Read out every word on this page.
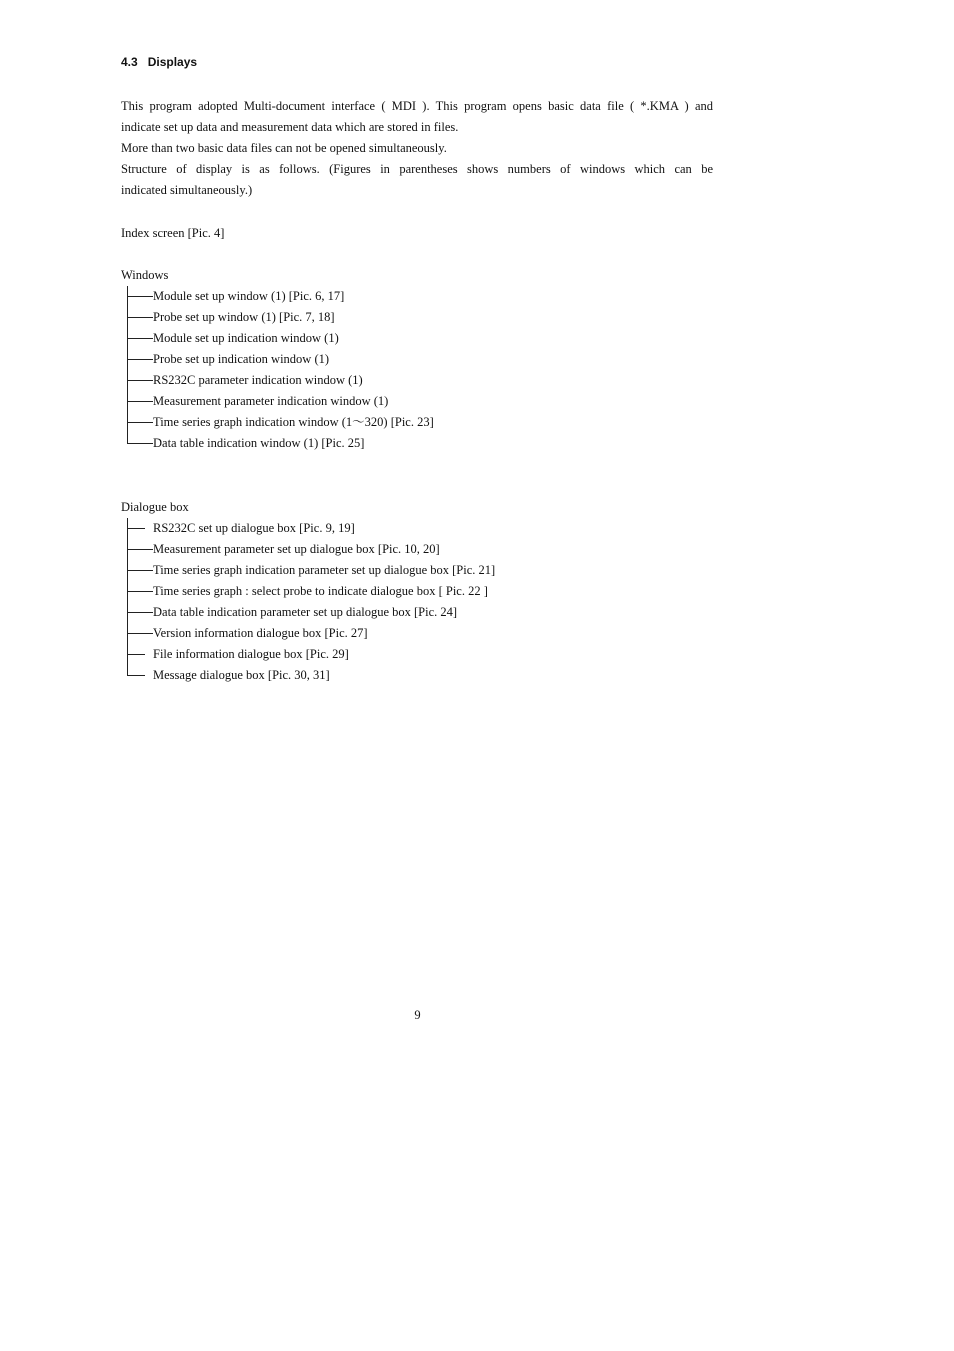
4.3 Displays

This program adopted Multi-document interface ( MDI ). This program opens basic data file ( *.KMA ) and

indicate set up data and measurement data which are stored in files.

More than two basic data files can not be opened simultaneously.

Structure of display is as follows. (Figures in parentheses shows numbers of windows which can be

indicated simultaneously.)

Index screen [Pic. 4]
Windows
Module set up window (1) [Pic. 6, 17]
Probe set up window (1) [Pic. 7, 18]
Module set up indication window (1)
Probe set up indication window (1)
RS232C parameter indication window (1)
Measurement parameter indication window (1)
Time series graph indication window (1～320) [Pic. 23]
Data table indication window (1) [Pic. 25]
Dialogue box
RS232C set up dialogue box [Pic. 9, 19]
Measurement parameter set up dialogue box [Pic. 10, 20]
Time series graph indication parameter set up dialogue box [Pic. 21]
Time series graph : select probe to indicate dialogue box [ Pic. 22 ]
Data table indication parameter set up dialogue box [Pic. 24]
Version information dialogue box [Pic. 27]
File information dialogue box [Pic. 29]
Message dialogue box [Pic. 30, 31]
9
